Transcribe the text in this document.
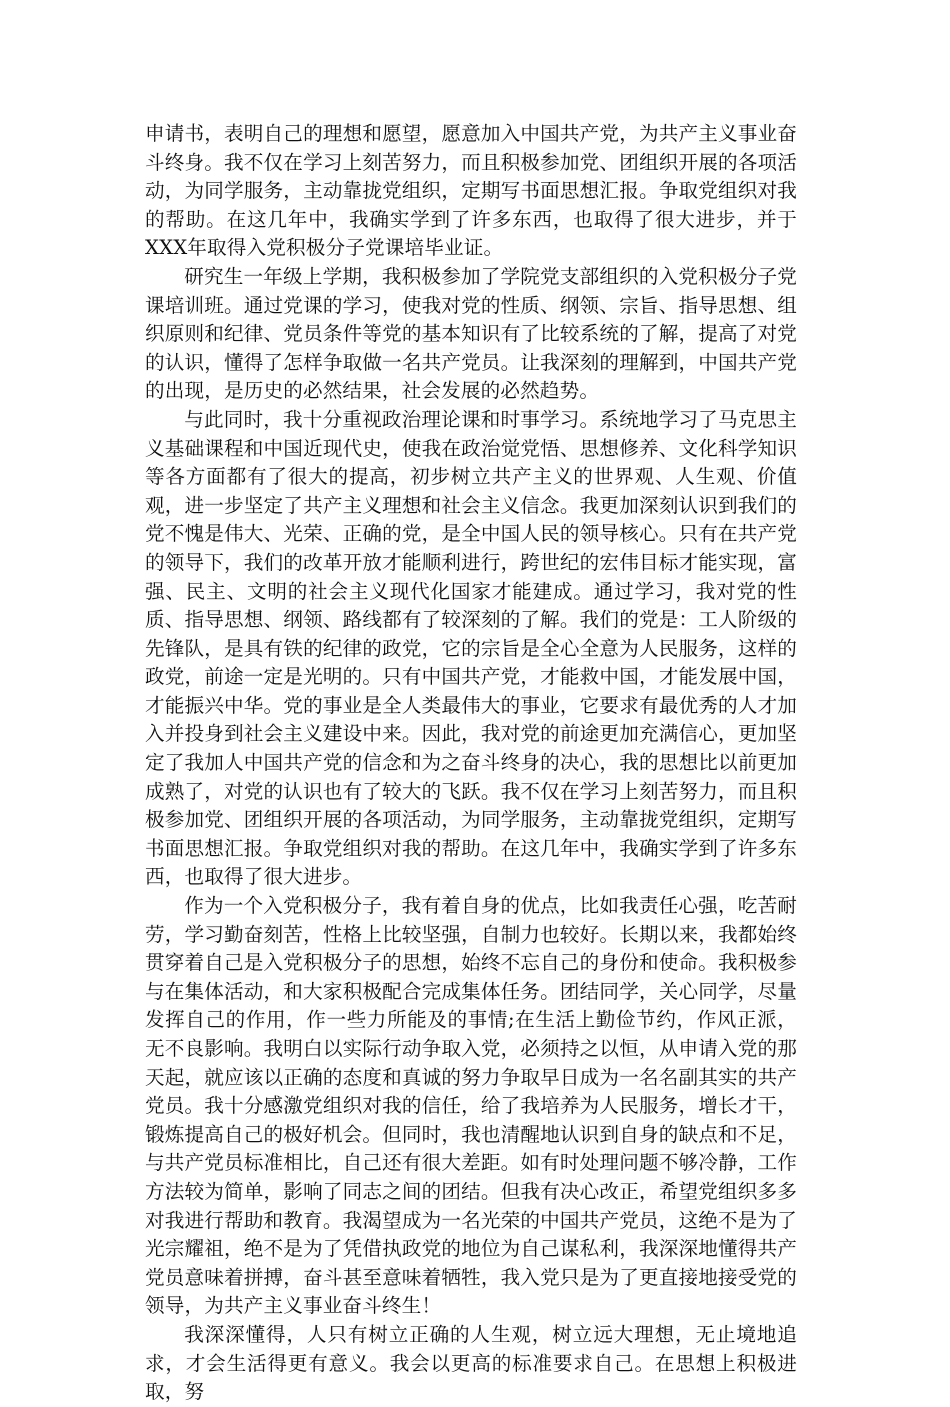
申请书，表明自己的理想和愿望，愿意加入中国共产党，为共产主义事业奋斗终身。我不仅在学习上刻苦努力，而且积极参加党、团组织开展的各项活动，为同学服务，主动靠拢党组织，定期写书面思想汇报。争取党组织对我的帮助。在这几年中，我确实学到了许多东西，也取得了很大进步，并于XXX年取得入党积极分子党课培毕业证。

研究生一年级上学期，我积极参加了学院党支部组织的入党积极分子党课培训班。通过党课的学习，使我对党的性质、纲领、宗旨、指导思想、组织原则和纪律、党员条件等党的基本知识有了比较系统的了解，提高了对党的认识，懂得了怎样争取做一名共产党员。让我深刻的理解到，中国共产党的出现，是历史的必然结果，社会发展的必然趋势。

与此同时，我十分重视政治理论课和时事学习。系统地学习了马克思主义基础课程和中国近现代史，使我在政治觉党悟、思想修养、文化科学知识等各方面都有了很大的提高，初步树立共产主义的世界观、人生观、价值观，进一步坚定了共产主义理想和社会主义信念。我更加深刻认识到我们的党不愧是伟大、光荣、正确的党，是全中国人民的领导核心。只有在共产党的领导下，我们的改革开放才能顺利进行，跨世纪的宏伟目标才能实现，富强、民主、文明的社会主义现代化国家才能建成。通过学习，我对党的性质、指导思想、纲领、路线都有了较深刻的了解。我们的党是：工人阶级的先锋队，是具有铁的纪律的政党，它的宗旨是全心全意为人民服务，这样的政党，前途一定是光明的。只有中国共产党，才能救中国，才能发展中国，才能振兴中华。党的事业是全人类最伟大的事业，它要求有最优秀的人才加入并投身到社会主义建设中来。因此，我对党的前途更加充满信心，更加坚定了我加人中国共产党的信念和为之奋斗终身的决心，我的思想比以前更加成熟了，对党的认识也有了较大的飞跃。我不仅在学习上刻苦努力，而且积极参加党、团组织开展的各项活动，为同学服务，主动靠拢党组织，定期写书面思想汇报。争取党组织对我的帮助。在这几年中，我确实学到了许多东西，也取得了很大进步。

作为一个入党积极分子，我有着自身的优点，比如我责任心强，吃苦耐劳，学习勤奋刻苦，性格上比较坚强，自制力也较好。长期以来，我都始终贯穿着自己是入党积极分子的思想，始终不忘自己的身份和使命。我积极参与在集体活动，和大家积极配合完成集体任务。团结同学，关心同学，尽量发挥自己的作用，作一些力所能及的事情;在生活上勤俭节约，作风正派，无不良影响。我明白以实际行动争取入党，必须持之以恒，从申请入党的那天起，就应该以正确的态度和真诚的努力争取早日成为一名名副其实的共产党员。我十分感激党组织对我的信任，给了我培养为人民服务，增长才干，锻炼提高自己的极好机会。但同时，我也清醒地认识到自身的缺点和不足，与共产党员标准相比，自己还有很大差距。如有时处理问题不够冷静，工作方法较为简单，影响了同志之间的团结。但我有决心改正，希望党组织多多对我进行帮助和教育。我渴望成为一名光荣的中国共产党员，这绝不是为了光宗耀祖，绝不是为了凭借执政党的地位为自己谋私利，我深深地懂得共产党员意味着拼搏，奋斗甚至意味着牺牲，我入党只是为了更直接地接受党的领导，为共产主义事业奋斗终生！

我深深懂得，人只有树立正确的人生观，树立远大理想，无止境地追求，才会生活得更有意义。我会以更高的标准要求自己。在思想上积极进取，努
